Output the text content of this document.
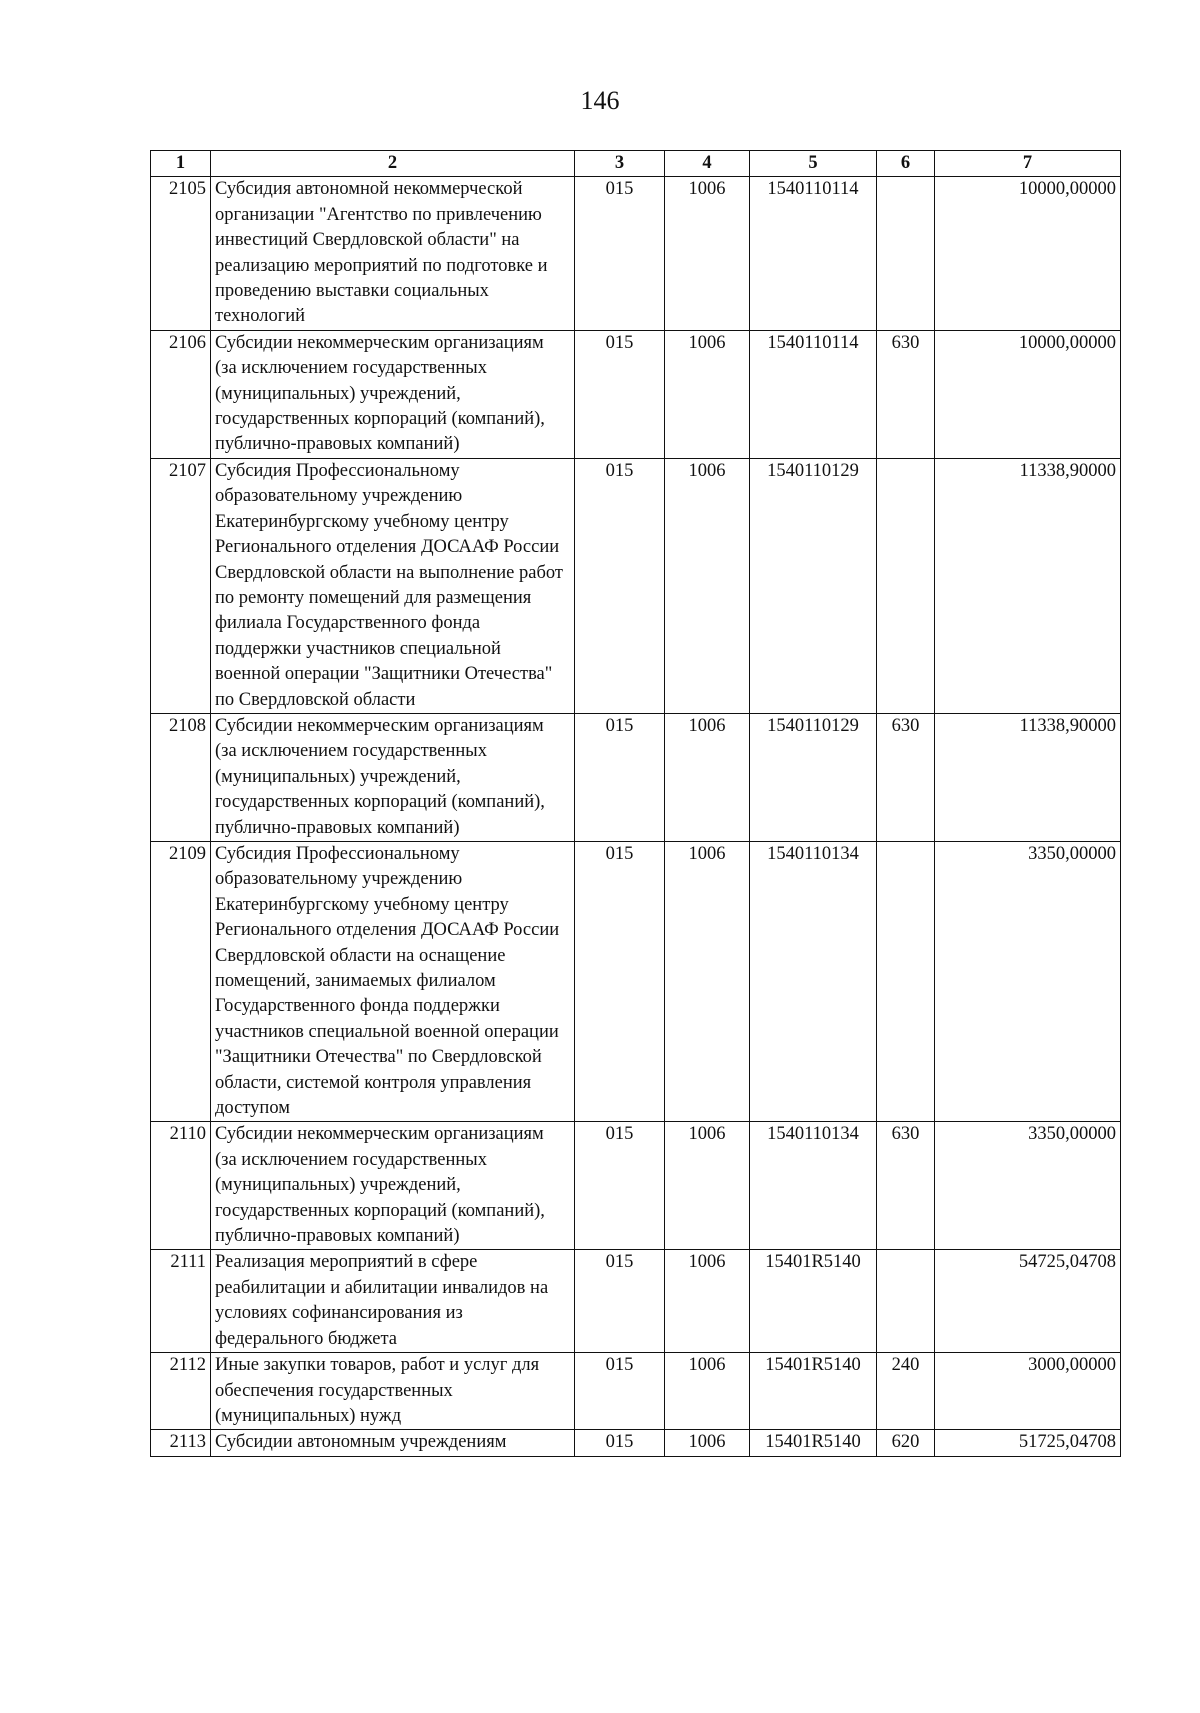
146
1	2	3	4	5	6	7
2105	Субсидия автономной некоммерческой организации "Агентство по привлечению инвестиций Свердловской области" на реализацию мероприятий по подготовке и проведению выставки социальных технологий	015	1006	1540110114		10000,00000
2106	Субсидии некоммерческим организациям (за исключением государственных (муниципальных) учреждений, государственных корпораций (компаний), публично-правовых компаний)	015	1006	1540110114	630	10000,00000
2107	Субсидия Профессиональному образовательному учреждению Екатеринбургскому учебному центру Регионального отделения ДОСААФ России Свердловской области на выполнение работ по ремонту помещений для размещения филиала Государственного фонда поддержки участников специальной военной операции "Защитники Отечества" по Свердловской области	015	1006	1540110129		11338,90000
2108	Субсидии некоммерческим организациям (за исключением государственных (муниципальных) учреждений, государственных корпораций (компаний), публично-правовых компаний)	015	1006	1540110129	630	11338,90000
2109	Субсидия Профессиональному образовательному учреждению Екатеринбургскому учебному центру Регионального отделения ДОСААФ России Свердловской области на оснащение помещений, занимаемых филиалом Государственного фонда поддержки участников специальной военной операции "Защитники Отечества" по Свердловской области, системой контроля управления доступом	015	1006	1540110134		3350,00000
2110	Субсидии некоммерческим организациям (за исключением государственных (муниципальных) учреждений, государственных корпораций (компаний), публично-правовых компаний)	015	1006	1540110134	630	3350,00000
2111	Реализация мероприятий в сфере реабилитации и абилитации инвалидов на условиях софинансирования из федерального бюджета	015	1006	15401R5140		54725,04708
2112	Иные закупки товаров, работ и услуг для обеспечения государственных (муниципальных) нужд	015	1006	15401R5140	240	3000,00000
2113	Субсидии автономным учреждениям	015	1006	15401R5140	620	51725,04708
